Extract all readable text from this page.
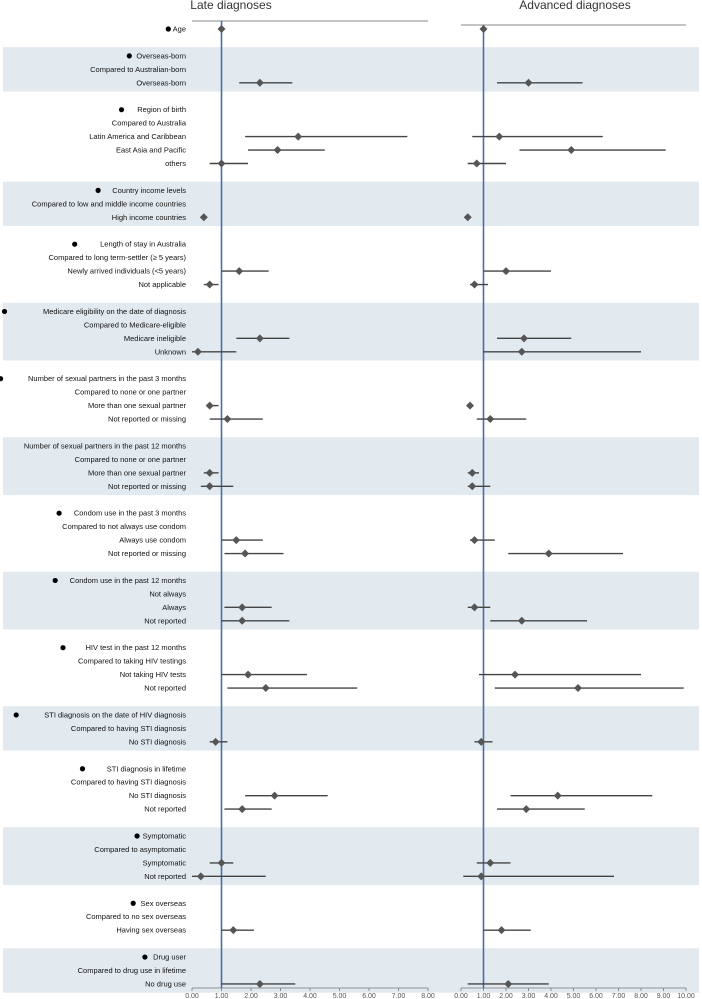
Late diagnoses
0.00 1.00 2.00 3.00 4.00 5.00 6.00 7.00 8.00
Advanced diagnoses
0.00 1.00 2.00 3.00 4.00 5.00 6.00 7.00 8.00 9.00 10.00
Age
Overseas-born
Compared to Australian-born
Overseas-born
Region of birth
Compared to Australia
Latin America and Caribbean
East Asia and Pacific
others
Country income levels
Compared to low and middle income countries
High income countries
Length of stay in Australia
Compared to long term-settler (≥ 5 years)
Newly arrived individuals (<5 years)
Not applicable
Medicare eligibility on the date of diagnosis
Compared to Medicare-eligible
Medicare ineligible
Unknown
Number of sexual partners in the past 3 months
Compared to none or one partner
More than one sexual partner
Not reported or missing
Number of sexual partners in the past 12 months
Compared to none or one partner
More than one sexual partner
Not reported or missing
Condom use in the past 3 months
Compared to not always use condom
Always use condom
Not reported or missing
Condom use in the past 12 months
Not always
Always
Not reported
HIV test in the past 12 months
Compared to taking HIV testings
Not taking HIV tests
Not reported
STI diagnosis on the date of HIV diagnosis
Compared to having STI diagnosis
No STI diagnosis
STI diagnosis in lifetime
Compared to having STI diagnosis
No STI diagnosis
Not reported
Symptomatic
Compared to asymptomatic
Symptomatic
Not reported
Sex overseas
Compared to no sex overseas
Having sex overseas
Drug user
Compared to drug use in lifetime
No drug use
